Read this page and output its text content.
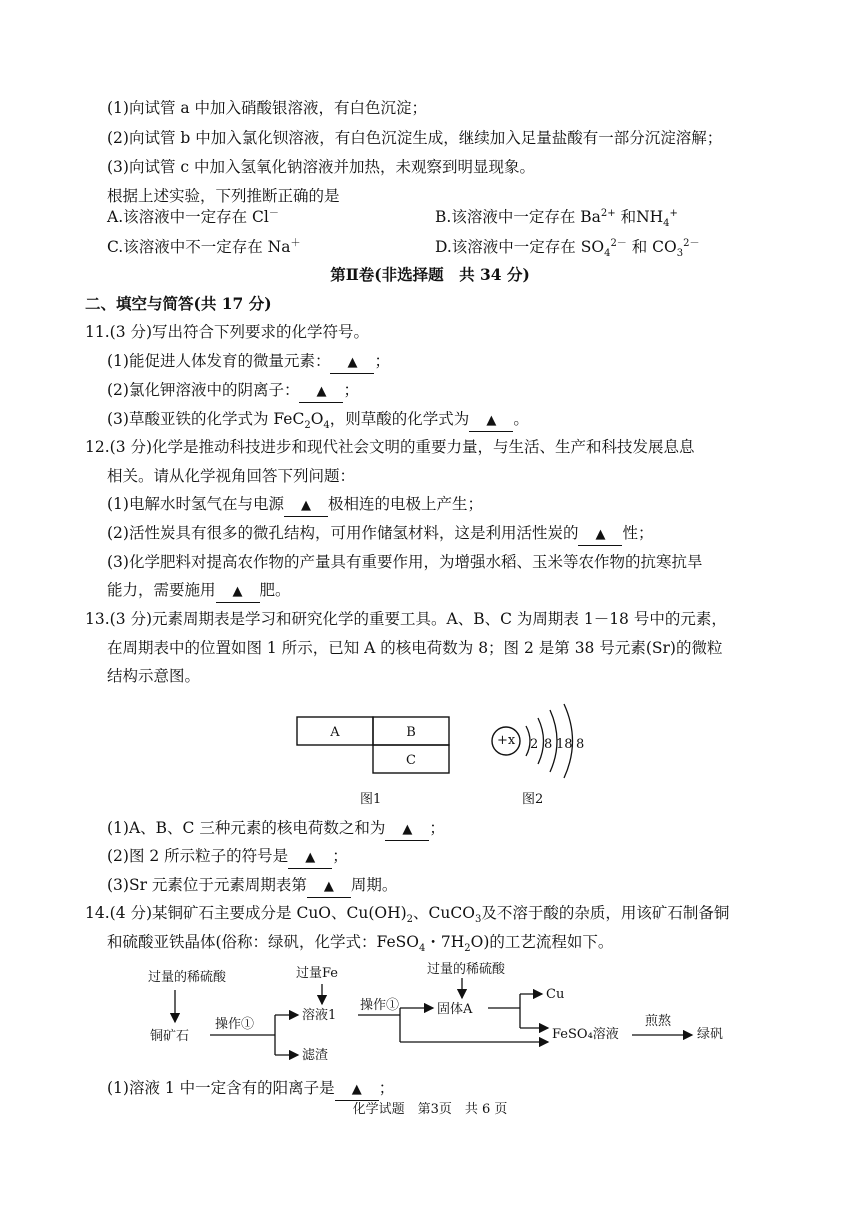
(1)向试管 a 中加入硝酸银溶液，有白色沉淀；
(2)向试管 b 中加入氯化钡溶液，有白色沉淀生成，继续加入足量盐酸有一部分沉淀溶解；
(3)向试管 c 中加入氢氧化钠溶液并加热，未观察到明显现象。
根据上述实验，下列推断正确的是
A.该溶液中一定存在 Cl－	B.该溶液中一定存在 $Ba^{2+}$ 和$NH_4^+$
C.该溶液中不一定存在 Na＋	D.该溶液中一定存在 $SO_4^{2-}$ 和 $CO_3^{2-}$
第Ⅱ卷(非选择题　共 34 分)
二、填空与简答(共 17 分)
11.(3 分)写出符合下列要求的化学符号。
(1)能促进人体发育的微量元素： ▲ ；
(2)氯化钾溶液中的阴离子： ▲ ；
(3)草酸亚铁的化学式为 $FeC_2O_4$，则草酸的化学式为 ▲ 。
12.(3 分)化学是推动科技进步和现代社会文明的重要力量，与生活、生产和科技发展息息
相关。请从化学视角回答下列问题：
(1)电解水时氢气在与电源 ▲ 极相连的电极上产生；
(2)活性炭具有很多的微孔结构，可用作储氢材料，这是利用活性炭的 ▲ 性；
(3)化学肥料对提高农作物的产量具有重要作用，为增强水稻、玉米等农作物的抗寒抗旱
能力，需要施用 ▲ 肥。
13.(3 分)元素周期表是学习和研究化学的重要工具。A、B、C 为周期表 1－18 号中的元素，
在周期表中的位置如图 1 所示，已知 A 的核电荷数为 8；图 2 是第 38 号元素(Sr)的微粒
结构示意图。
A	B
C
图1
+x 2 8 18 8
图2
(1)A、B、C 三种元素的核电荷数之和为 ▲ ；
(2)图 2 所示粒子的符号是 ▲ ；
(3)Sr 元素位于元素周期表第 ▲ 周期。
14.(4 分)某铜矿石主要成分是 CuO、$Cu(OH)_2$、CuCO$_3$及不溶于酸的杂质，用该矿石制备铜
和硫酸亚铁晶体(俗称：绿矾，化学式：FeSO$_4$・$7H_2O$)的工艺流程如下。
过量的稀硫酸
铜矿石
操作①
过量Fe
溶液1
滤渣
操作①
过量的稀硫酸
固体A
Cu
FeSO₄溶液
煎熬
绿矾
(1)溶液 1 中一定含有的阳离子是 ▲ ；
化学试题　第3页　共 6 页
